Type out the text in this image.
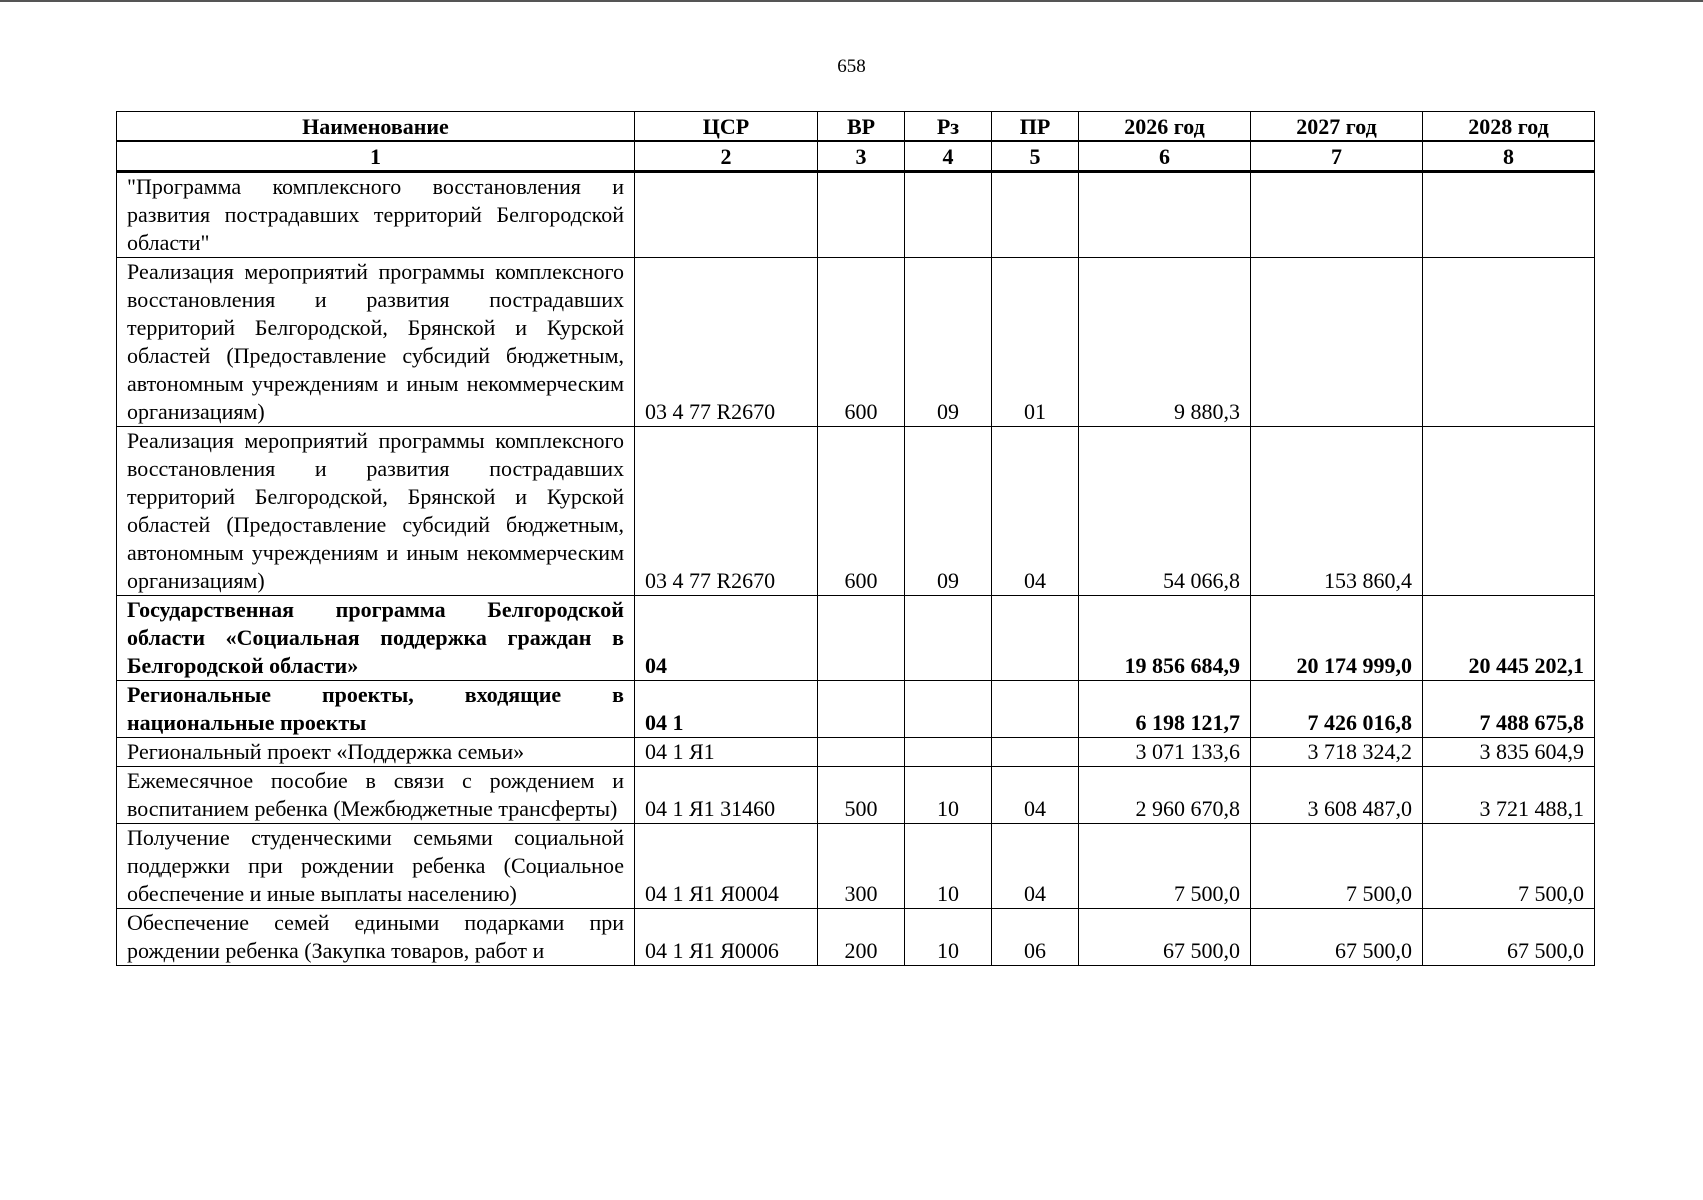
658
Наименование	ЦСР	ВР	Рз	ПР	2026 год	2027 год	2028 год
1	2	3	4	5	6	7	8
"Программа комплексного восстановления и развития пострадавших территорий Белгородской области"							
Реализация мероприятий программы комплексного восстановления и развития пострадавших территорий Белгородской, Брянской и Курской областей (Предоставление субсидий бюджетным, автономным учреждениям и иным некоммерческим организациям)	03 4 77 R2670	600	09	01	9 880,3		
Реализация мероприятий программы комплексного восстановления и развития пострадавших территорий Белгородской, Брянской и Курской областей (Предоставление субсидий бюджетным, автономным учреждениям и иным некоммерческим организациям)	03 4 77 R2670	600	09	04	54 066,8	153 860,4	
Государственная программа Белгородской области «Социальная поддержка граждан в Белгородской области»	04				19 856 684,9	20 174 999,0	20 445 202,1
Региональные проекты, входящие в национальные проекты	04 1				6 198 121,7	7 426 016,8	7 488 675,8
Региональный проект «Поддержка семьи»	04 1 Я1				3 071 133,6	3 718 324,2	3 835 604,9
Ежемесячное пособие в связи с рождением и воспитанием ребенка (Межбюджетные трансферты)	04 1 Я1 31460	500	10	04	2 960 670,8	3 608 487,0	3 721 488,1
Получение студенческими семьями социальной поддержки при рождении ребенка (Социальное обеспечение и иные выплаты населению)	04 1 Я1 Я0004	300	10	04	7 500,0	7 500,0	7 500,0
Обеспечение семей едиными подарками при рождении ребенка (Закупка товаров, работ и	04 1 Я1 Я0006	200	10	06	67 500,0	67 500,0	67 500,0
